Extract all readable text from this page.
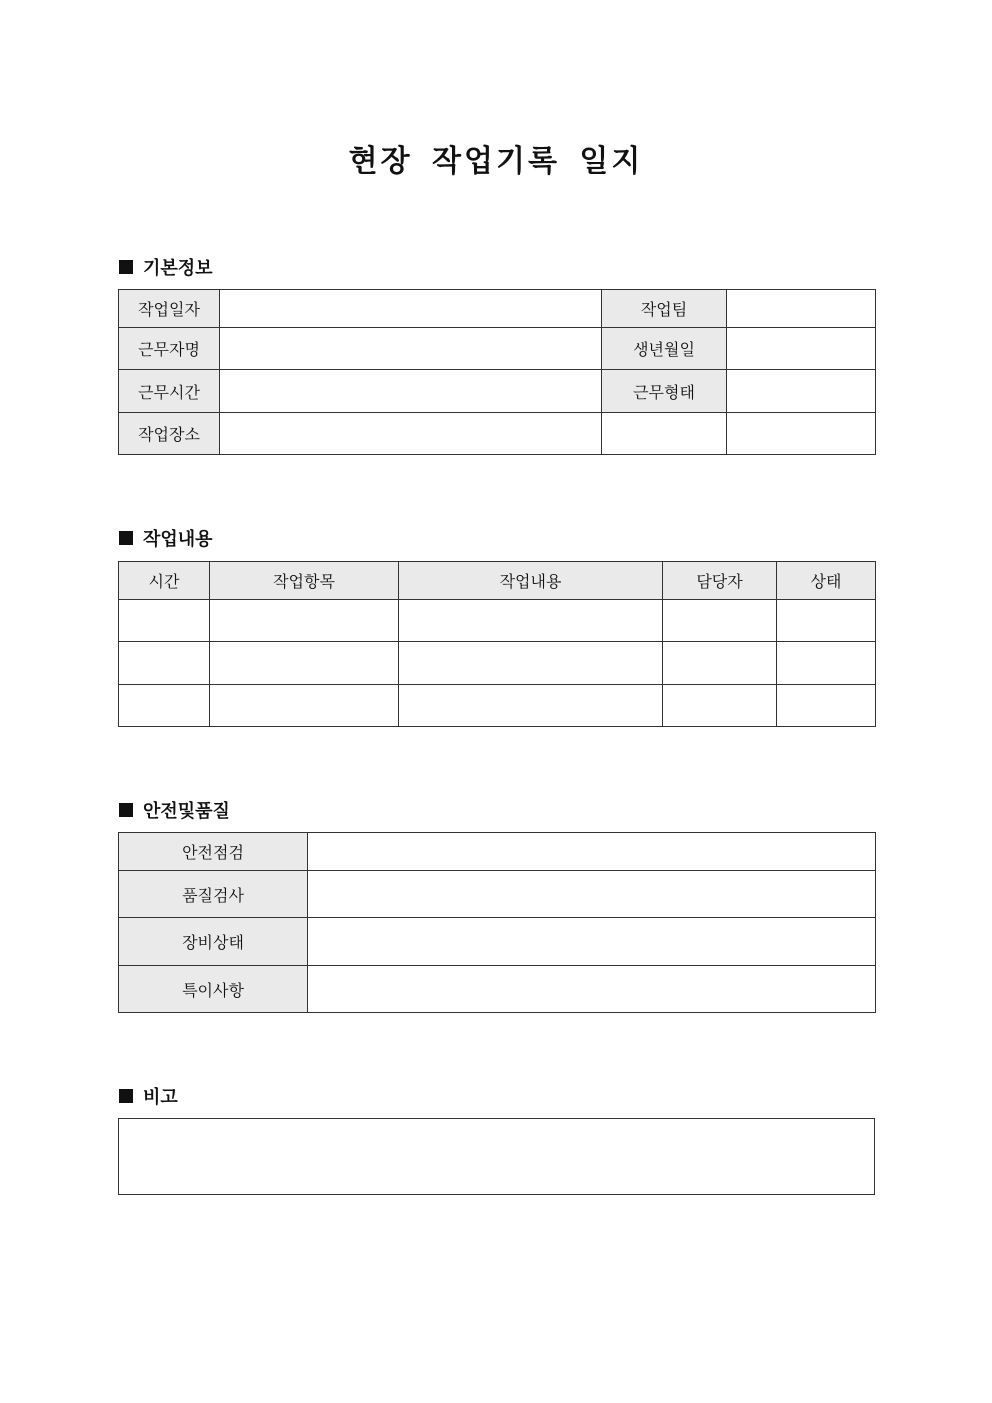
현장 작업기록 일지
기본정보
작업일자		작업팀	
근무자명		생년월일	
근무시간		근무형태	
작업장소			
작업내용
시간	작업항목	작업내용	담당자	상태

안전및품질
안전점검	
품질검사	
장비상태	
특이사항	
비고
